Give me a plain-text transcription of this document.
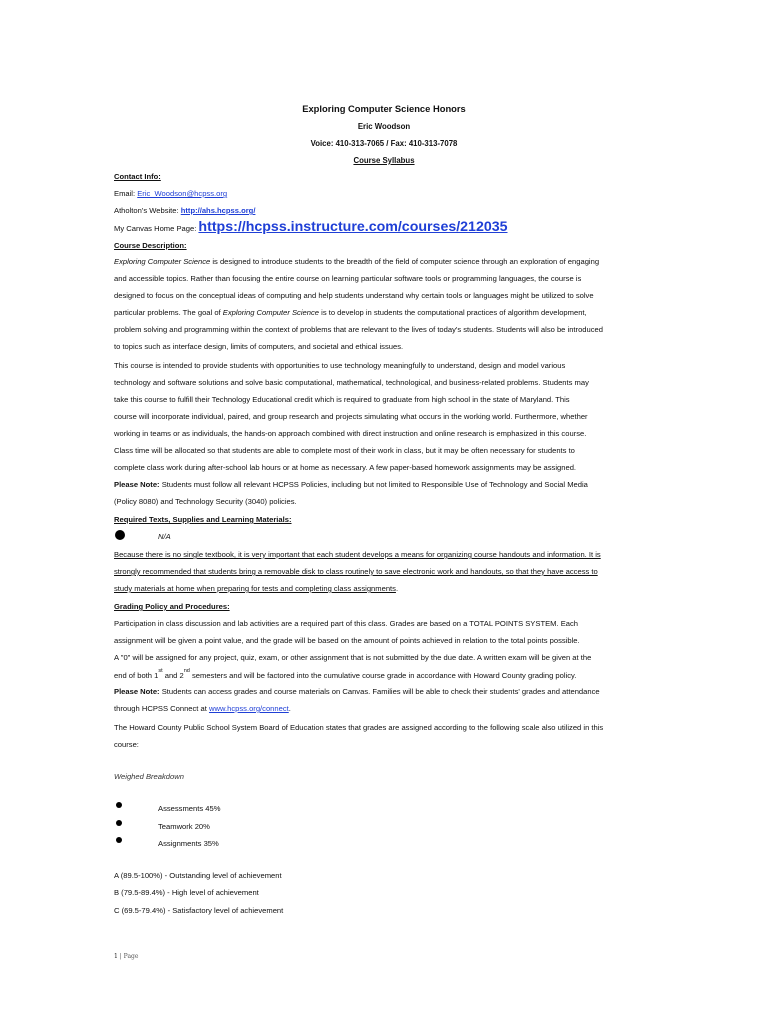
Exploring Computer Science Honors
Eric Woodson
Voice: 410-313-7065 / Fax: 410-313-7078
Course Syllabus
Contact Info:
Email: Eric_Woodson@hcpss.org
Atholton's Website: http://ahs.hcpss.org/
My Canvas Home Page: https://hcpss.instructure.com/courses/212035
Course Description:
Exploring Computer Science is designed to introduce students to the breadth of the field of computer science through an exploration of engaging
and accessible topics. Rather than focusing the entire course on learning particular software tools or programming languages, the course is
designed to focus on the conceptual ideas of computing and help students understand why certain tools or languages might be utilized to solve
particular problems. The goal of Exploring Computer Science is to develop in students the computational practices of algorithm development,
problem solving and programming within the context of problems that are relevant to the lives of today's students. Students will also be introduced
to topics such as interface design, limits of computers, and societal and ethical issues.
This course is intended to provide students with opportunities to use technology meaningfully to understand, design and model various
technology and software solutions and solve basic computational, mathematical, technological, and business-related problems. Students may
take this course to fulfill their Technology Educational credit which is required to graduate from high school in the state of Maryland. This
course will incorporate individual, paired, and group research and projects simulating what occurs in the working world. Furthermore, whether
working in teams or as individuals, the hands-on approach combined with direct instruction and online research is emphasized in this course.
Class time will be allocated so that students are able to complete most of their work in class, but it may be often necessary for students to
complete class work during after-school lab hours or at home as necessary. A few paper-based homework assignments may be assigned.
Please Note: Students must follow all relevant HCPSS Policies, including but not limited to Responsible Use of Technology and Social Media
(Policy 8080) and Technology Security (3040) policies.
Required Texts, Supplies and Learning Materials:
N/A
Because there is no single textbook, it is very important that each student develops a means for organizing course handouts and information. It is
strongly recommended that students bring a removable disk to class routinely to save electronic work and handouts, so that they have access to
study materials at home when preparing for tests and completing class assignments.
Grading Policy and Procedures:
Participation in class discussion and lab activities are a required part of this class. Grades are based on a TOTAL POINTS SYSTEM. Each
assignment will be given a point value, and the grade will be based on the amount of points achieved in relation to the total points possible.
A "0" will be assigned for any project, quiz, exam, or other assignment that is not submitted by the due date. A written exam will be given at the
end of both 1st and 2nd semesters and will be factored into the cumulative course grade in accordance with Howard County grading policy.
Please Note: Students can access grades and course materials on Canvas. Families will be able to check their students' grades and attendance
through HCPSS Connect at www.hcpss.org/connect.
The Howard County Public School System Board of Education states that grades are assigned according to the following scale also utilized in this
course:
Weighed Breakdown
Assessments 45%
Teamwork 20%
Assignments 35%
A (89.5-100%) - Outstanding level of achievement
B (79.5-89.4%) - High level of achievement
C (69.5-79.4%) - Satisfactory level of achievement
1 | Page
